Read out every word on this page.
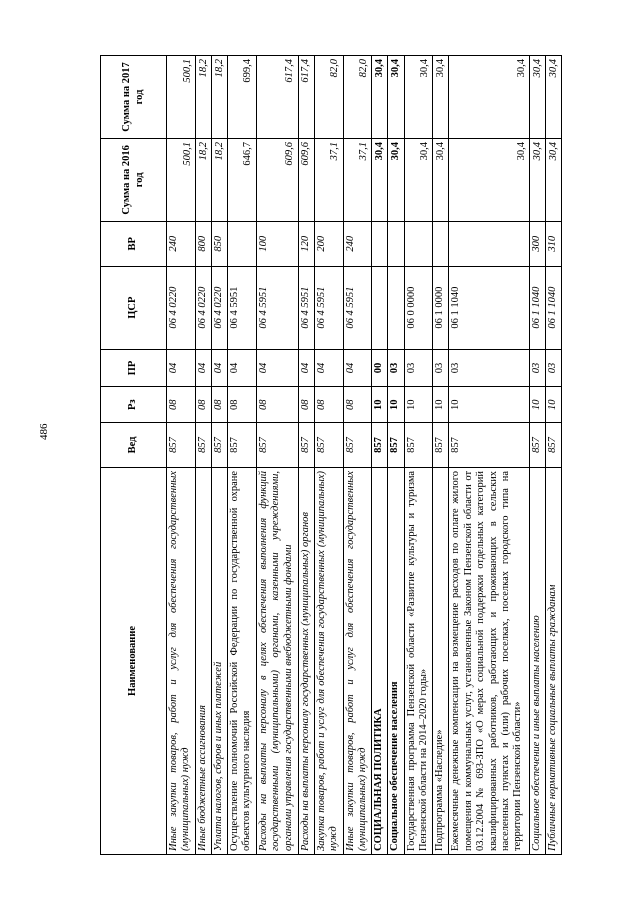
486
Наименование	Вед	Рз	ПР	ЦСР	ВР	Сумма на 2016 год	Сумма на 2017 год
Иные закупки товаров, работ и услуг для обеспечения государственных (муниципальных) нужд	857	08	04	06 4 0220	240	500,1	500,1
Иные бюджетные ассигнования	857	08	04	06 4 0220	800	18,2	18,2
Уплата налогов, сборов и иных платежей	857	08	04	06 4 0220	850	18,2	18,2
Осуществление полномочий Российской Федерации по государственной охране объектов культурного наследия	857	08	04	06 4 5951		646,7	699,4
Расходы на выплаты персоналу в целях обеспечения выполнения функций государственными (муниципальными) органами, казенными учреждениями, органами управления государственными внебюджетными фондами	857	08	04	06 4 5951	100	609,6	617,4
Расходы на выплаты персоналу государственных (муниципальных) органов	857	08	04	06 4 5951	120	609,6	617,4
Закупка товаров, работ и услуг для обеспечения государственных (муниципальных) нужд	857	08	04	06 4 5951	200	37,1	82,0
Иные закупки товаров, работ и услуг для обеспечения государственных (муниципальных) нужд	857	08	04	06 4 5951	240	37,1	82,0
СОЦИАЛЬНАЯ ПОЛИТИКА	857	10	00			30,4	30,4
Социальное обеспечение населения	857	10	03			30,4	30,4
Государственная программа Пензенской области «Развитие культуры и туризма Пензенской области на 2014–2020 годы»	857	10	03	06 0 0000		30,4	30,4
Подпрограмма «Наследие»	857	10	03	06 1 0000		30,4	30,4
Ежемесячные денежные компенсации на возмещение расходов по оплате жилого помещения и коммунальных услуг, установленные Законом Пензенской области от 03.12.2004 № 693-ЗПО «О мерах социальной поддержки отдельных категорий квалифицированных работников, работающих и проживающих в сельских населенных пунктах и (или) рабочих поселках, поселках городского типа на территории Пензенской области»	857	10	03	06 1 1040		30,4	30,4
Социальное обеспечение и иные выплаты населению	857	10	03	06 1 1040	300	30,4	30,4
Публичные нормативные социальные выплаты гражданам	857	10	03	06 1 1040	310	30,4	30,4
